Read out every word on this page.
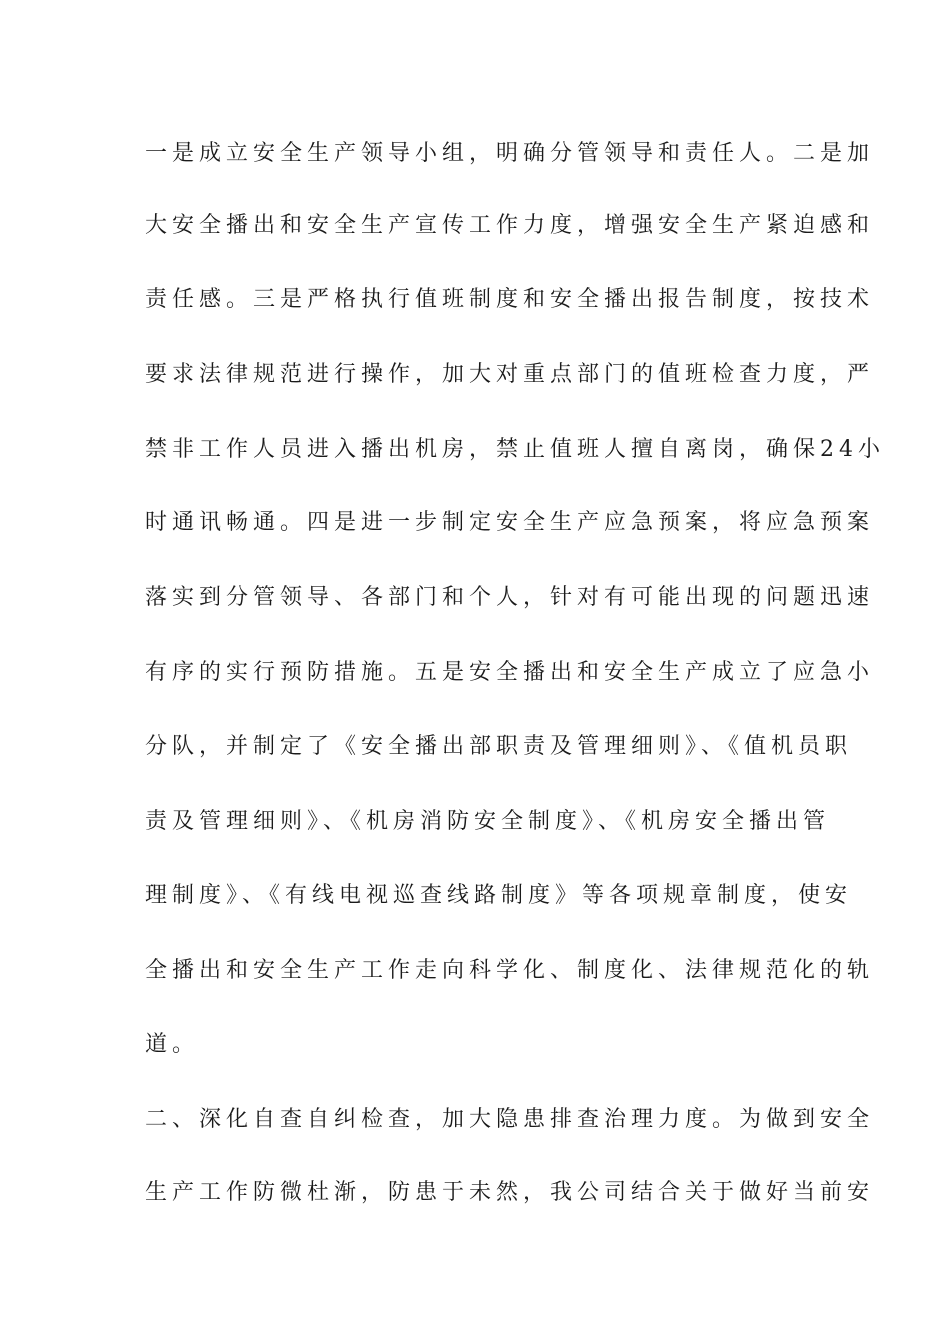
一是成立安全生产领导小组，明确分管领导和责任人。二是加
大安全播出和安全生产宣传工作力度，增强安全生产紧迫感和
责任感。三是严格执行值班制度和安全播出报告制度，按技术
要求法律规范进行操作，加大对重点部门的值班检查力度，严
禁非工作人员进入播出机房，禁止值班人擅自离岗，确保24小
时通讯畅通。四是进一步制定安全生产应急预案，将应急预案
落实到分管领导、各部门和个人，针对有可能出现的问题迅速
有序的实行预防措施。五是安全播出和安全生产成立了应急小
分队，并制定了《安全播出部职责及管理细则》、《值机员职
责及管理细则》、《机房消防安全制度》、《机房安全播出管
理制度》、《有线电视巡查线路制度》等各项规章制度，使安
全播出和安全生产工作走向科学化、制度化、法律规范化的轨
道。
二、深化自查自纠检查，加大隐患排查治理力度。为做到安全
生产工作防微杜渐，防患于未然，我公司结合关于做好当前安
